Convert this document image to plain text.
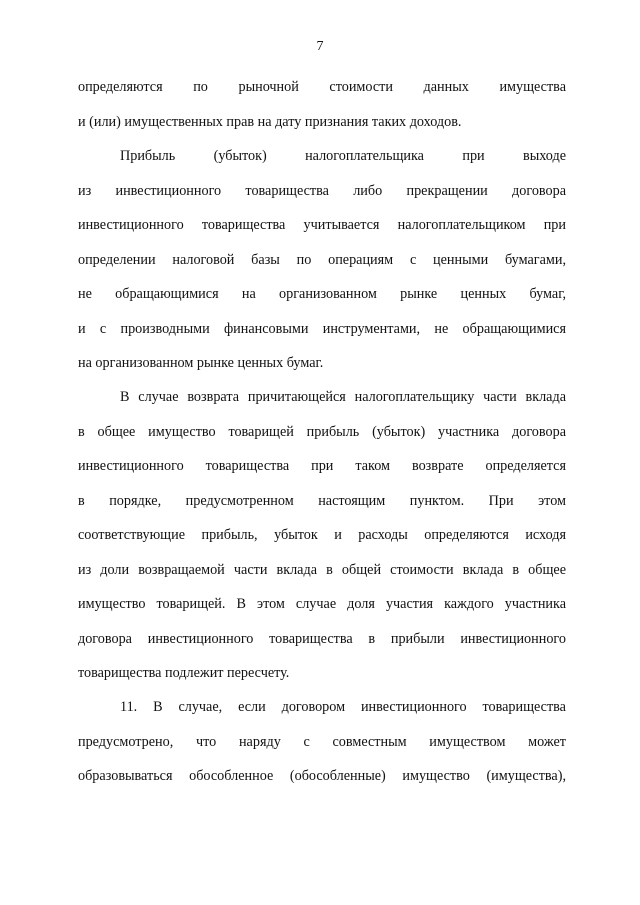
7
определяются по рыночной стоимости данных имущества
и (или) имущественных прав на дату признания таких доходов.
Прибыль (убыток) налогоплательщика при выходе
из инвестиционного товарищества либо прекращении договора
инвестиционного товарищества учитывается налогоплательщиком при
определении налоговой базы по операциям с ценными бумагами,
не обращающимися на организованном рынке ценных бумаг,
и с производными финансовыми инструментами, не обращающимися
на организованном рынке ценных бумаг.
В случае возврата причитающейся налогоплательщику части вклада
в общее имущество товарищей прибыль (убыток) участника договора
инвестиционного товарищества при таком возврате определяется
в порядке, предусмотренном настоящим пунктом. При этом
соответствующие прибыль, убыток и расходы определяются исходя
из доли возвращаемой части вклада в общей стоимости вклада в общее
имущество товарищей. В этом случае доля участия каждого участника
договора инвестиционного товарищества в прибыли инвестиционного
товарищества подлежит пересчету.
11. В случае, если договором инвестиционного товарищества
предусмотрено, что наряду с совместным имуществом может
образовываться обособленное (обособленные) имущество (имущества),
